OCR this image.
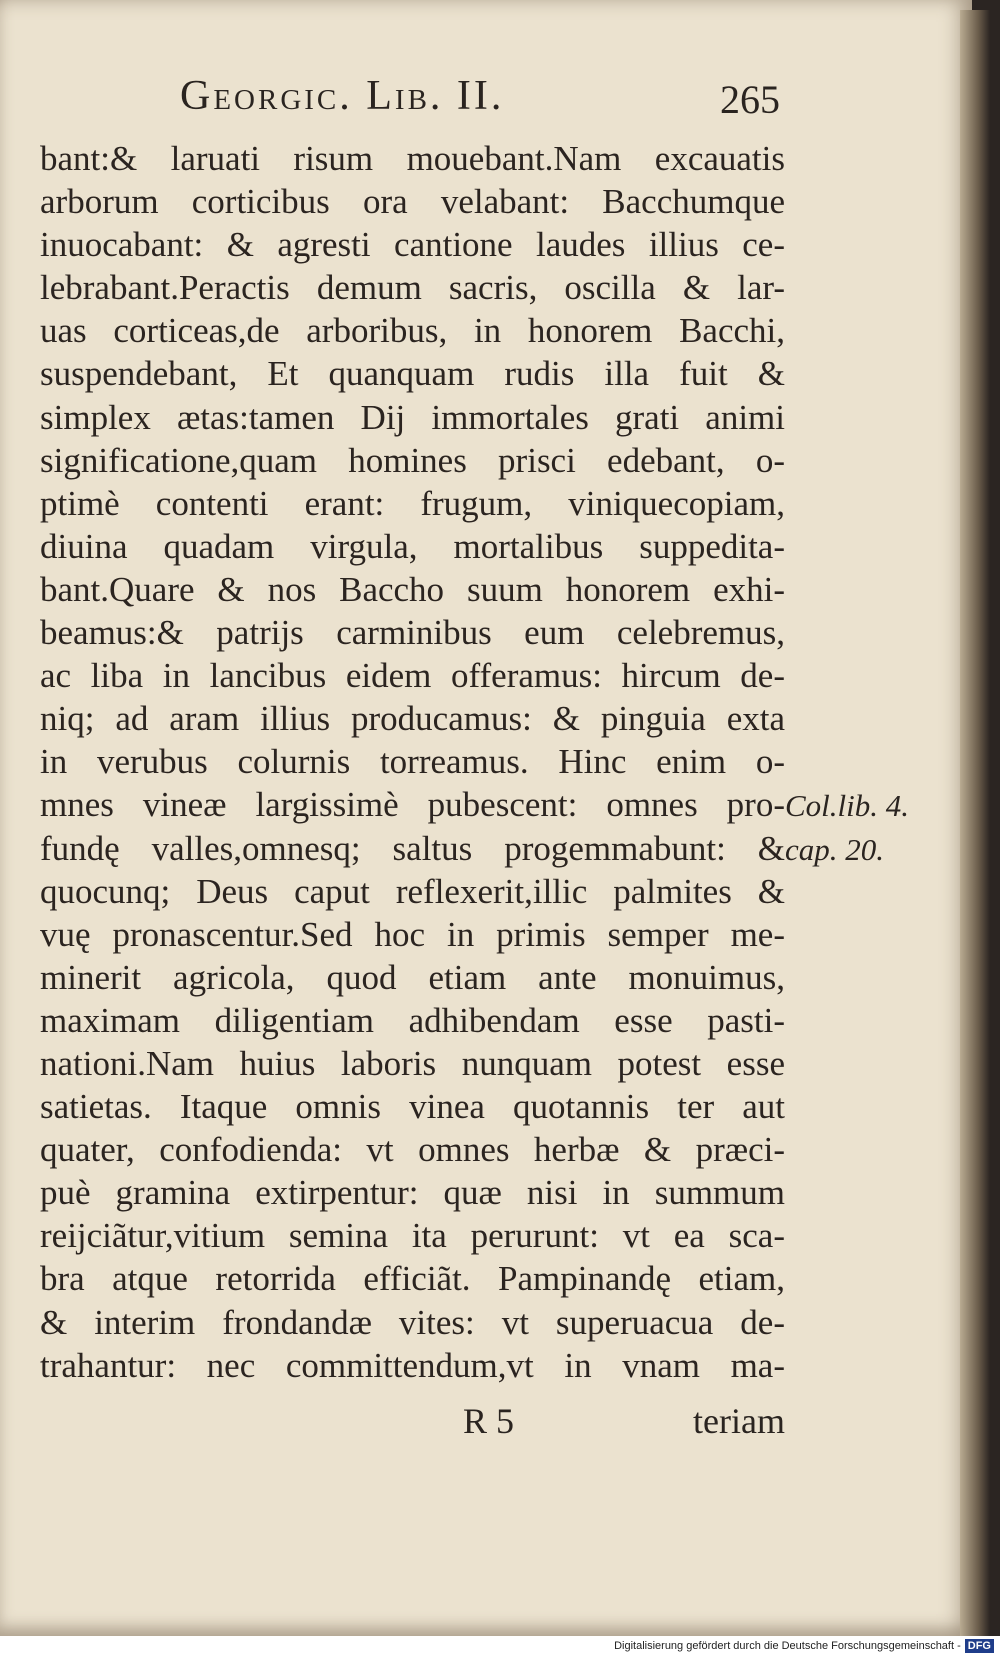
Georgic. Lib. II.	265
bant:& laruati risum mouebant.Nam excauatis
arborum corticibus ora velabant: Bacchumque
inuocabant: & agresti cantione laudes illius ce-
lebrabant.Peractis demum sacris, oscilla & lar-
uas corticeas,de arboribus, in honorem Bacchi,
suspendebant, Et quanquam rudis illa fuit &
simplex ætas:tamen Dij immortales grati animi
significatione,quam homines prisci edebant, o-
ptimè contenti erant: frugum, viniquecopiam,
diuina quadam virgula, mortalibus suppedita-
bant.Quare & nos Baccho suum honorem exhi-
beamus:& patrijs carminibus eum celebremus,
ac liba in lancibus eidem offeramus: hircum de-
niq; ad aram illius producamus: & pinguia exta
in verubus colurnis torreamus. Hinc enim o-
mnes vineæ largissimè pubescent: omnes pro-
fundę valles,omnesq; saltus progemmabunt: &
quocunq; Deus caput reflexerit,illic palmites &
vuę pronascentur.Sed hoc in primis semper me-
minerit agricola, quod etiam ante monuimus,
maximam diligentiam adhibendam esse pasti-
nationi.Nam huius laboris nunquam potest esse
satietas. Itaque omnis vinea quotannis ter aut
quater, confodienda: vt omnes herbæ & præci-
puè gramina extirpentur: quæ nisi in summum
reijciãtur,vitium semina ita perurunt: vt ea sca-
bra atque retorrida efficiãt. Pampinandę etiam,
& interim frondandæ vites: vt superuacua de-
trahantur: nec committendum,vt in vnam ma-
Col.lib. 4.
cap. 20.
R 5	teriam
Digitalisierung gefördert durch die Deutsche Forschungsgemeinschaft - DFG
